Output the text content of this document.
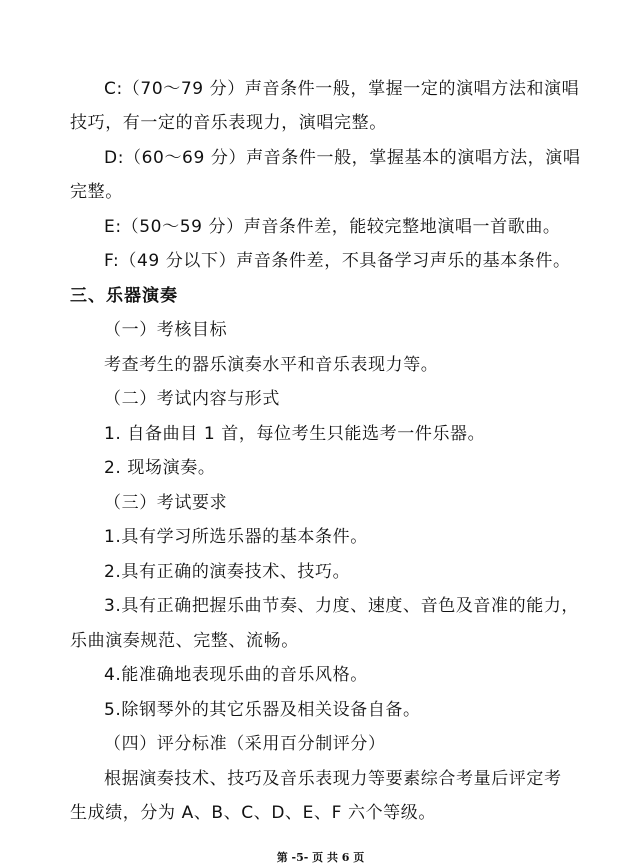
C:（70～79 分）声音条件一般，掌握一定的演唱方法和演唱
技巧，有一定的音乐表现力，演唱完整。
D:（60～69 分）声音条件一般，掌握基本的演唱方法，演唱
完整。
E:（50～59 分）声音条件差，能较完整地演唱一首歌曲。
F:（49 分以下）声音条件差，不具备学习声乐的基本条件。
三、乐器演奏
（一）考核目标
考查考生的器乐演奏水平和音乐表现力等。
（二）考试内容与形式
1. 自备曲目 1 首，每位考生只能选考一件乐器。
2. 现场演奏。
（三）考试要求
1.具有学习所选乐器的基本条件。
2.具有正确的演奏技术、技巧。
3.具有正确把握乐曲节奏、力度、速度、音色及音准的能力，
乐曲演奏规范、完整、流畅。
4.能准确地表现乐曲的音乐风格。
5.除钢琴外的其它乐器及相关设备自备。
（四）评分标准（采用百分制评分）
根据演奏技术、技巧及音乐表现力等要素综合考量后评定考
生成绩，分为 A、B、C、D、E、F 六个等级。
第 -5- 页 共 6 页
